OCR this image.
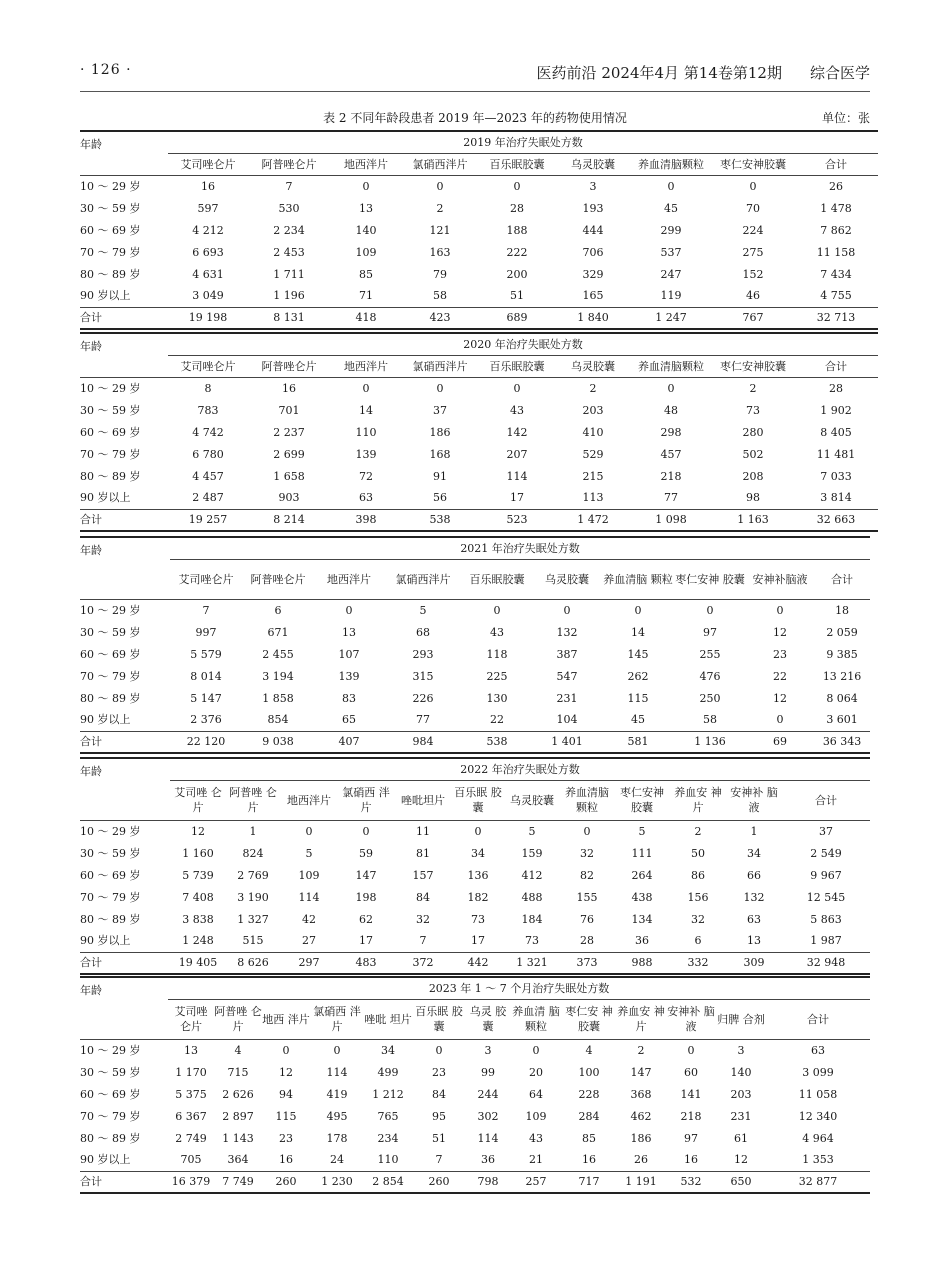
· 126 ·	医药前沿 2024年4月 第14卷第12期 综合医学
表 2 不同年龄段患者 2019 年—2023 年的药物使用情况	单位：张
年龄	2019 年治疗失眠处方数								
	艾司唑仑片	阿普唑仑片	地西泮片	氯硝西泮片	百乐眠胶囊	乌灵胶囊	养血清脑颗粒	枣仁安神胶囊	合计
10 ～ 29 岁	16	7	0	0	0	3	0	0	26
30 ～ 59 岁	597	530	13	2	28	193	45	70	1 478
60 ～ 69 岁	4 212	2 234	140	121	188	444	299	224	7 862
70 ～ 79 岁	6 693	2 453	109	163	222	706	537	275	11 158
80 ～ 89 岁	4 631	1 711	85	79	200	329	247	152	7 434
90 岁以上	3 049	1 196	71	58	51	165	119	46	4 755
合计	19 198	8 131	418	423	689	1 840	1 247	767	32 713
年龄	2020 年治疗失眠处方数								
	艾司唑仑片	阿普唑仑片	地西泮片	氯硝西泮片	百乐眠胶囊	乌灵胶囊	养血清脑颗粒	枣仁安神胶囊	合计
10 ～ 29 岁	8	16	0	0	0	2	0	2	28
30 ～ 59 岁	783	701	14	37	43	203	48	73	1 902
60 ～ 69 岁	4 742	2 237	110	186	142	410	298	280	8 405
70 ～ 79 岁	6 780	2 699	139	168	207	529	457	502	11 481
80 ～ 89 岁	4 457	1 658	72	91	114	215	218	208	7 033
90 岁以上	2 487	903	63	56	17	113	77	98	3 814
合计	19 257	8 214	398	538	523	1 472	1 098	1 163	32 663
年龄	2021 年治疗失眠处方数									
	艾司唑仑片	阿普唑仑片	地西泮片	氯硝西泮片	百乐眠胶囊	乌灵胶囊	养血清脑 颗粒	枣仁安神 胶囊	安神补脑液	合计
10 ～ 29 岁	7	6	0	5	0	0	0	0	0	18
30 ～ 59 岁	997	671	13	68	43	132	14	97	12	2 059
60 ～ 69 岁	5 579	2 455	107	293	118	387	145	255	23	9 385
70 ～ 79 岁	8 014	3 194	139	315	225	547	262	476	22	13 216
80 ～ 89 岁	5 147	1 858	83	226	130	231	115	250	12	8 064
90 岁以上	2 376	854	65	77	22	104	45	58	0	3 601
合计	22 120	9 038	407	984	538	1 401	581	1 136	69	36 343
年龄	2022 年治疗失眠处方数											
	艾司唑 仑片	阿普唑 仑片	地西泮片	氯硝西 泮片	唑吡坦片	百乐眠 胶囊	乌灵胶囊	养血清脑 颗粒	枣仁安神 胶囊	养血安 神片	安神补 脑液	合计
10 ～ 29 岁	12	1	0	0	11	0	5	0	5	2	1	37
30 ～ 59 岁	1 160	824	5	59	81	34	159	32	111	50	34	2 549
60 ～ 69 岁	5 739	2 769	109	147	157	136	412	82	264	86	66	9 967
70 ～ 79 岁	7 408	3 190	114	198	84	182	488	155	438	156	132	12 545
80 ～ 89 岁	3 838	1 327	42	62	32	73	184	76	134	32	63	5 863
90 岁以上	1 248	515	27	17	7	17	73	28	36	6	13	1 987
合计	19 405	8 626	297	483	372	442	1 321	373	988	332	309	32 948
年龄	2023 年 1 ～ 7 个月治疗失眠处方数												
	艾司唑 仑片	阿普唑 仑片	地西 泮片	氯硝西 泮片	唑吡 坦片	百乐眠 胶囊	乌灵 胶囊	养血清 脑颗粒	枣仁安 神胶囊	养血安 神片	安神补 脑液	归脾 合剂	合计
10 ～ 29 岁	13	4	0	0	34	0	3	0	4	2	0	3	63
30 ～ 59 岁	1 170	715	12	114	499	23	99	20	100	147	60	140	3 099
60 ～ 69 岁	5 375	2 626	94	419	1 212	84	244	64	228	368	141	203	11 058
70 ～ 79 岁	6 367	2 897	115	495	765	95	302	109	284	462	218	231	12 340
80 ～ 89 岁	2 749	1 143	23	178	234	51	114	43	85	186	97	61	4 964
90 岁以上	705	364	16	24	110	7	36	21	16	26	16	12	1 353
合计	16 379	7 749	260	1 230	2 854	260	798	257	717	1 191	532	650	32 877
